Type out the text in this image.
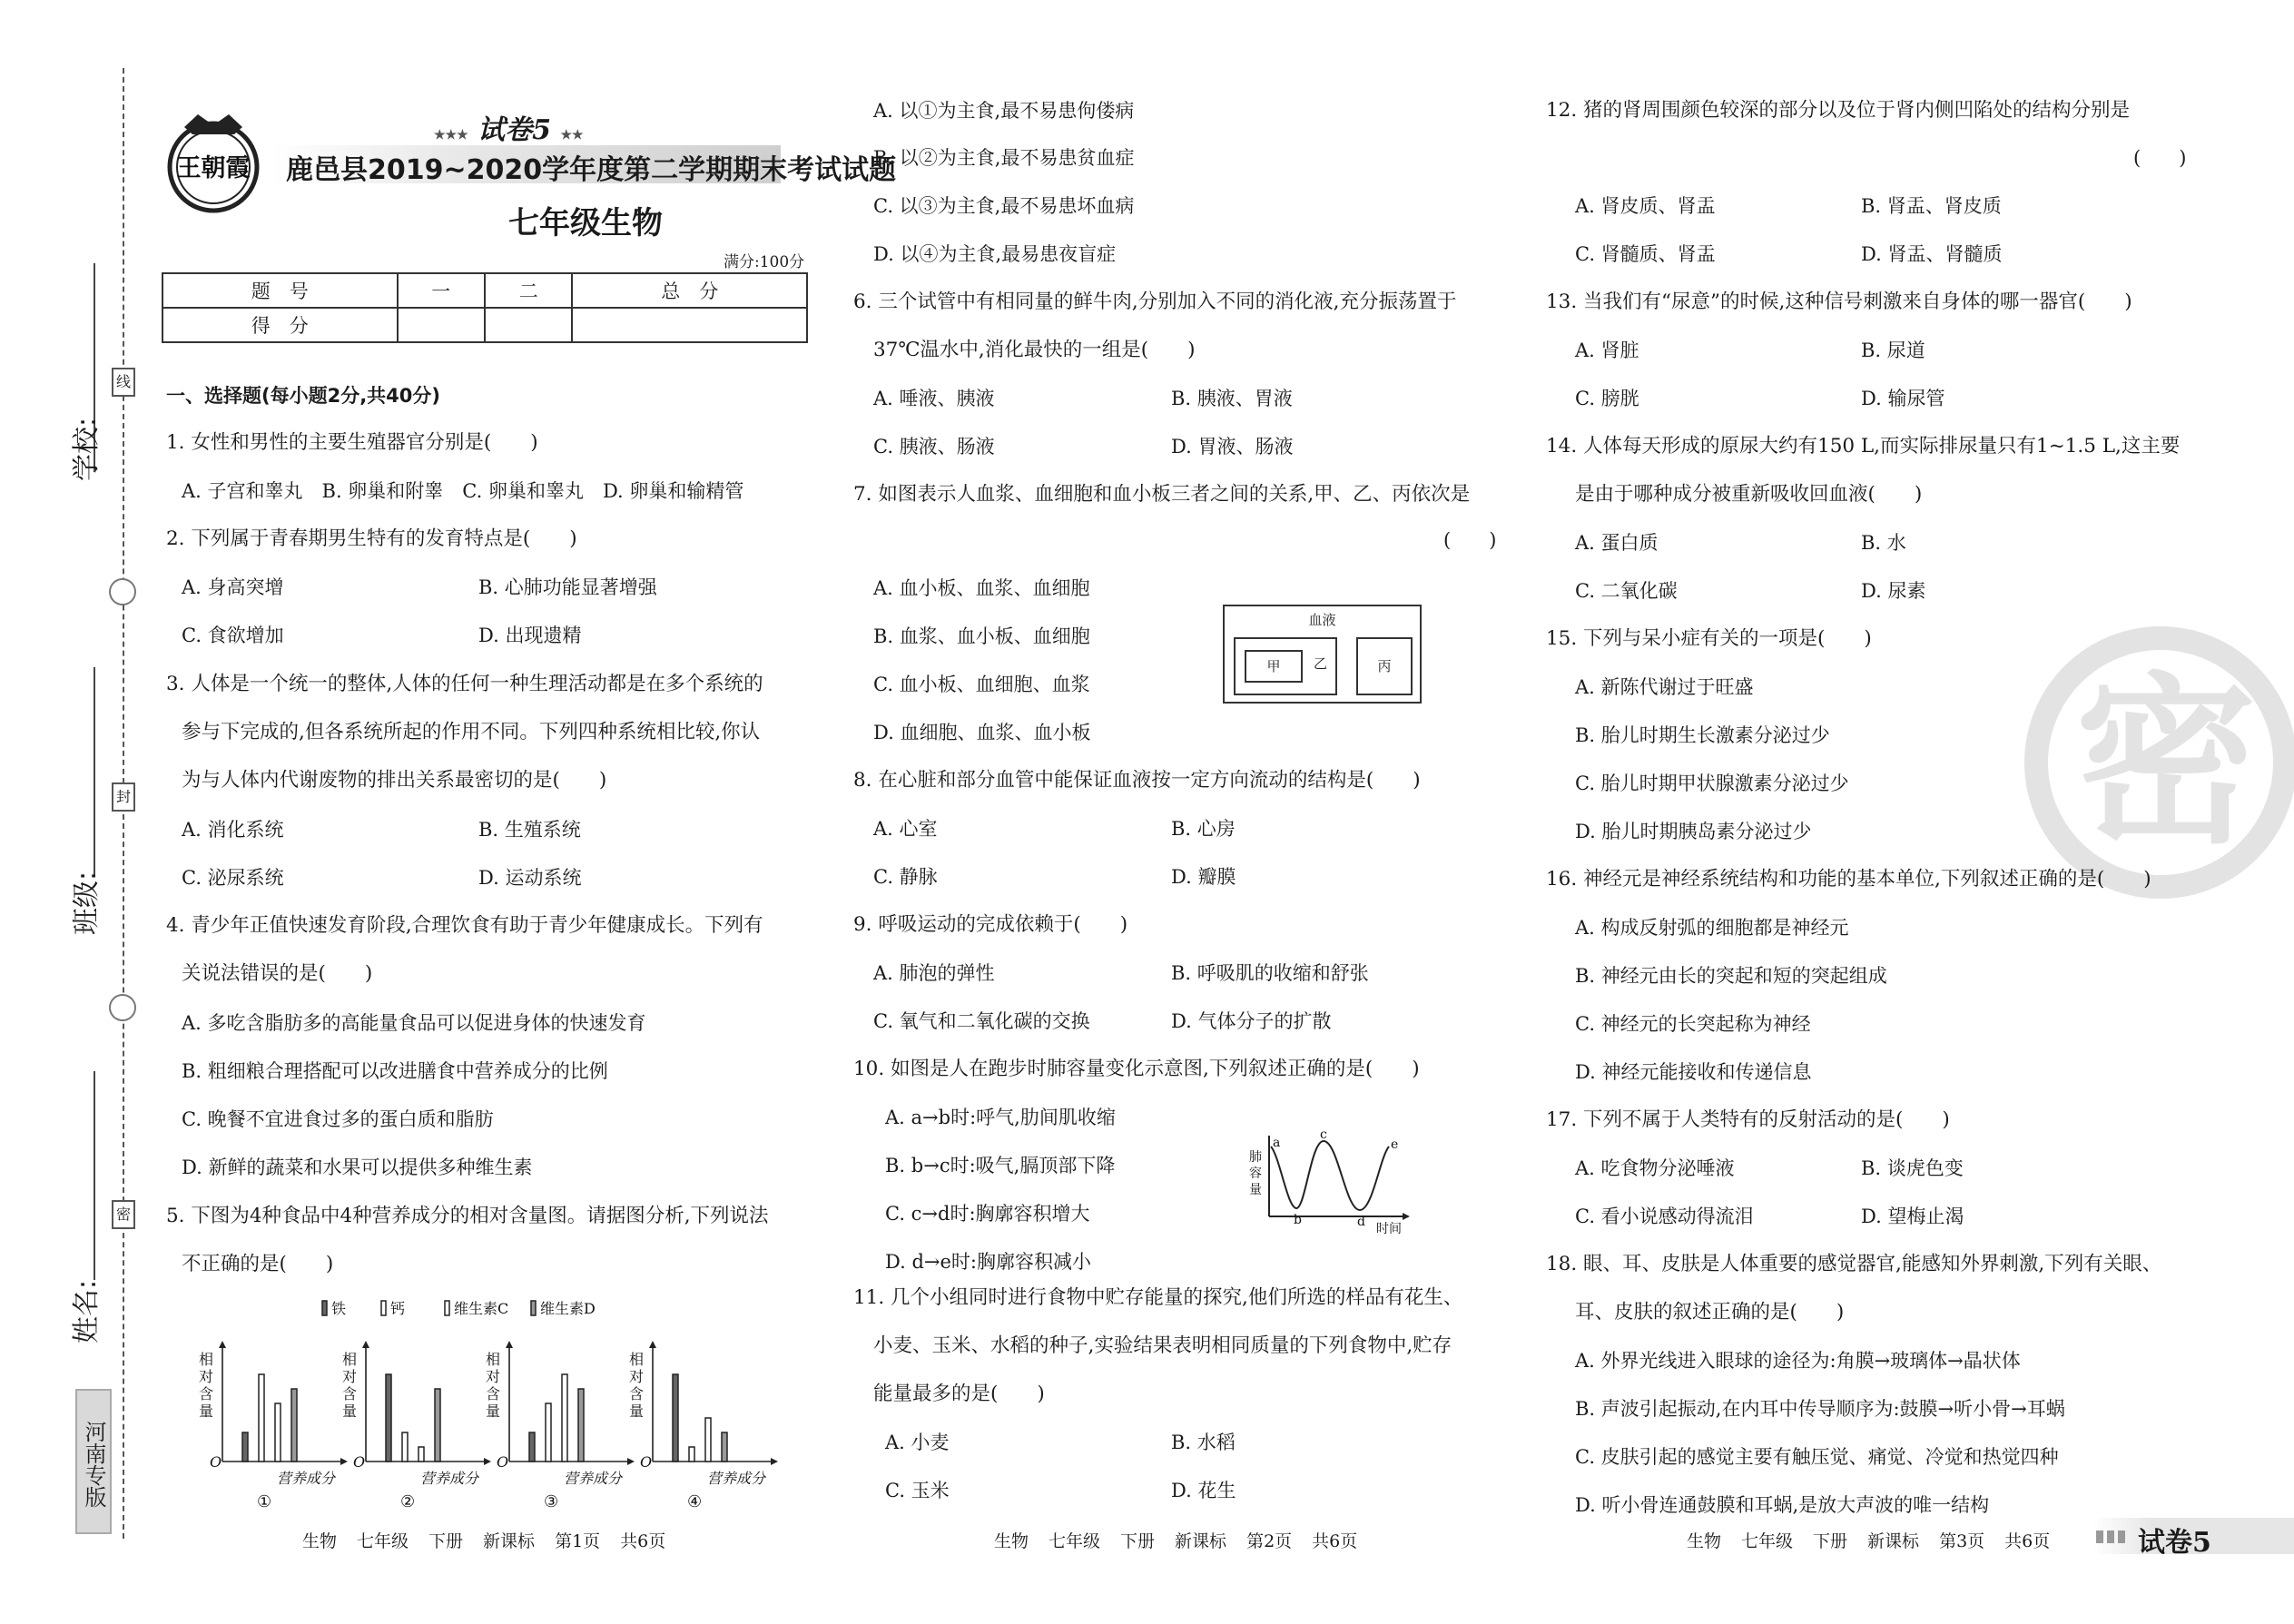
线
封
密
学校:
班级:
姓名:
河南专版
王朝霞
★★★ 试卷5 ★★
鹿邑县2019~2020学年度第二学期期末考试试题
七年级生物
满分:100分
题　号	一	二	总　分
得　分			
一、选择题(每小题2分,共40分)
1. 女性和男性的主要生殖器官分别是(　　)
A. 子宫和睾丸　B. 卵巢和附睾　C. 卵巢和睾丸　D. 卵巢和输精管
2. 下列属于青春期男生特有的发育特点是(　　)
A. 身高突增	B. 心肺功能显著增强
C. 食欲增加	D. 出现遗精
3. 人体是一个统一的整体,人体的任何一种生理活动都是在多个系统的
参与下完成的,但各系统所起的作用不同。下列四种系统相比较,你认
为与人体内代谢废物的排出关系最密切的是(　　)
A. 消化系统	B. 生殖系统
C. 泌尿系统	D. 运动系统
4. 青少年正值快速发育阶段,合理饮食有助于青少年健康成长。下列有
关说法错误的是(　　)
A. 多吃含脂肪多的高能量食品可以促进身体的快速发育
B. 粗细粮合理搭配可以改进膳食中营养成分的比例
C. 晚餐不宜进食过多的蛋白质和脂肪
D. 新鲜的蔬菜和水果可以提供多种维生素
5. 下图为4种食品中4种营养成分的相对含量图。请据图分析,下列说法
不正确的是(　　)
铁	钙	维生素C 维生素D
相
对
含
量
O
营养成分
①
相
对
含
量
O
营养成分
②
相
对
含
量
O
营养成分
③
相
对
含
量
O
营养成分
④
生物 七年级 下册 新课标 第1页 共6页
A. 以①为主食,最不易患佝偻病
B. 以②为主食,最不易患贫血症
C. 以③为主食,最不易患坏血病
D. 以④为主食,最易患夜盲症
6. 三个试管中有相同量的鲜牛肉,分别加入不同的消化液,充分振荡置于
37℃温水中,消化最快的一组是(　　)
A. 唾液、胰液	B. 胰液、胃液
C. 胰液、肠液	D. 胃液、肠液
7. 如图表示人血浆、血细胞和血小板三者之间的关系,甲、乙、丙依次是
(　　)
A. 血小板、血浆、血细胞
B. 血浆、血小板、血细胞
C. 血小板、血细胞、血浆
D. 血细胞、血浆、血小板
血液
甲	乙	丙
8. 在心脏和部分血管中能保证血液按一定方向流动的结构是(　　)
A. 心室	B. 心房
C. 静脉	D. 瓣膜
9. 呼吸运动的完成依赖于(　　)
A. 肺泡的弹性	B. 呼吸肌的收缩和舒张
C. 氧气和二氧化碳的交换	D. 气体分子的扩散
10. 如图是人在跑步时肺容量变化示意图,下列叙述正确的是(　　)
A. a→b时:呼气,肋间肌收缩
B. b→c时:吸气,膈顶部下降
C. c→d时:胸廓容积增大
D. d→e时:胸廓容积减小
肺
容
量
a
b
c
d
e
时间
11. 几个小组同时进行食物中贮存能量的探究,他们所选的样品有花生、
小麦、玉米、水稻的种子,实验结果表明相同质量的下列食物中,贮存
能量最多的是(　　)
A. 小麦	B. 水稻
C. 玉米	D. 花生
生物 七年级 下册 新课标 第2页 共6页
密
12. 猪的肾周围颜色较深的部分以及位于肾内侧凹陷处的结构分别是
(　　)
A. 肾皮质、肾盂	B. 肾盂、肾皮质
C. 肾髓质、肾盂	D. 肾盂、肾髓质
13. 当我们有“尿意”的时候,这种信号刺激来自身体的哪一器官(　　)
A. 肾脏	B. 尿道
C. 膀胱	D. 输尿管
14. 人体每天形成的原尿大约有150 L,而实际排尿量只有1~1.5 L,这主要
是由于哪种成分被重新吸收回血液(　　)
A. 蛋白质	B. 水
C. 二氧化碳	D. 尿素
15. 下列与呆小症有关的一项是(　　)
A. 新陈代谢过于旺盛
B. 胎儿时期生长激素分泌过少
C. 胎儿时期甲状腺激素分泌过少
D. 胎儿时期胰岛素分泌过少
16. 神经元是神经系统结构和功能的基本单位,下列叙述正确的是(　　)
A. 构成反射弧的细胞都是神经元
B. 神经元由长的突起和短的突起组成
C. 神经元的长突起称为神经
D. 神经元能接收和传递信息
17. 下列不属于人类特有的反射活动的是(　　)
A. 吃食物分泌唾液	B. 谈虎色变
C. 看小说感动得流泪	D. 望梅止渴
18. 眼、耳、皮肤是人体重要的感觉器官,能感知外界刺激,下列有关眼、
耳、皮肤的叙述正确的是(　　)
A. 外界光线进入眼球的途径为:角膜→玻璃体→晶状体
B. 声波引起振动,在内耳中传导顺序为:鼓膜→听小骨→耳蜗
C. 皮肤引起的感觉主要有触压觉、痛觉、冷觉和热觉四种
D. 听小骨连通鼓膜和耳蜗,是放大声波的唯一结构
生物 七年级 下册 新课标 第3页 共6页	试卷5
